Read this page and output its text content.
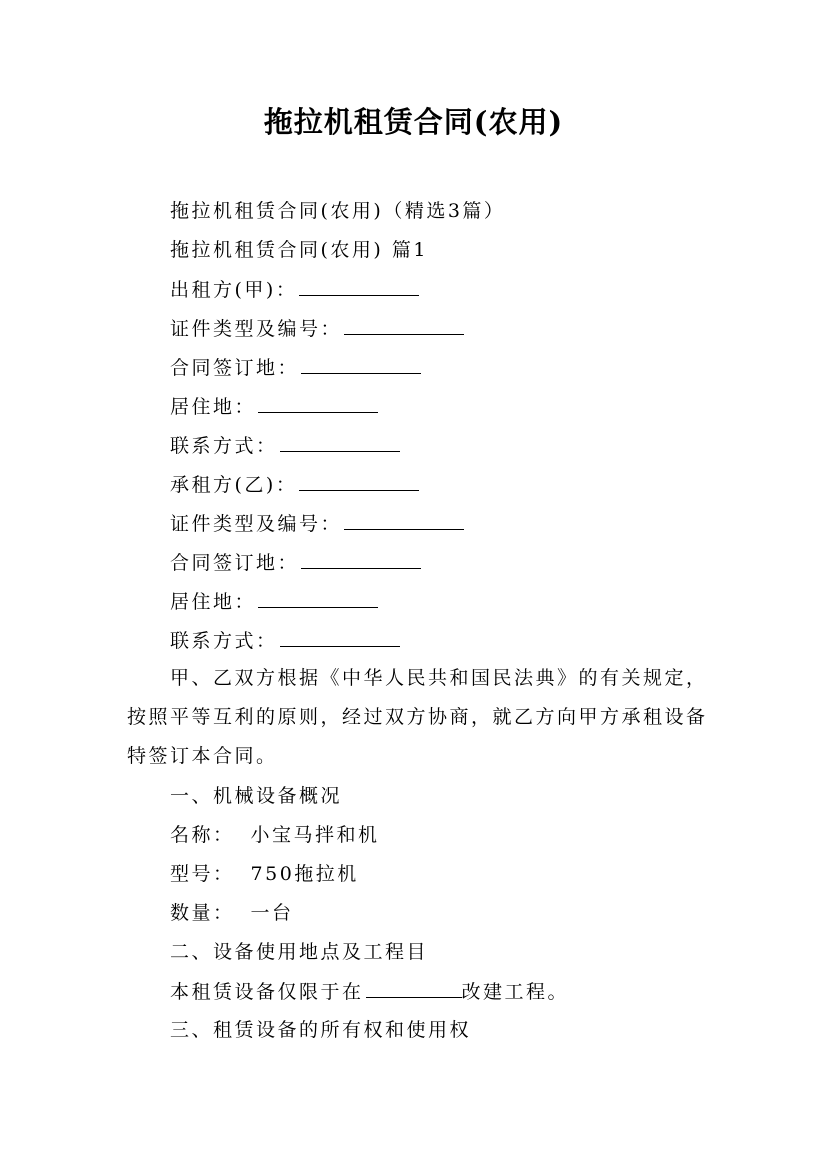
拖拉机租赁合同(农用)
拖拉机租赁合同(农用)（精选3篇）
拖拉机租赁合同(农用) 篇1
出租方(甲)：
证件类型及编号：
合同签订地：
居住地：
联系方式：
承租方(乙)：
证件类型及编号：
合同签订地：
居住地：
联系方式：
甲、乙双方根据《中华人民共和国民法典》的有关规定，按照平等互利的原则，经过双方协商，就乙方向甲方承租设备特签订本合同。
一、机械设备概况
名称： 小宝马拌和机
型号： 750拖拉机
数量： 一台
二、设备使用地点及工程目
本租赁设备仅限于在	改建工程。
三、租赁设备的所有权和使用权
